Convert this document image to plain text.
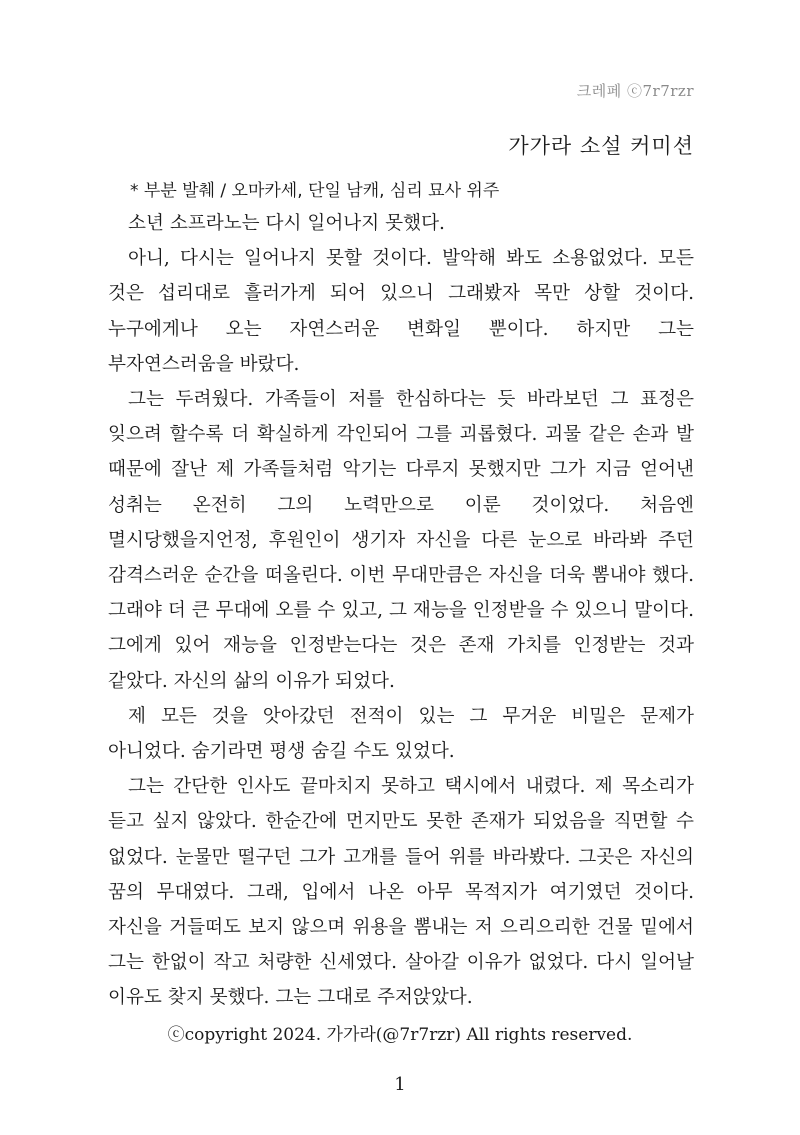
크레페 ⓒ7r7rzr
가가라 소설 커미션
* 부분 발췌 / 오마카세, 단일 남캐, 심리 묘사 위주

소년 소프라노는 다시 일어나지 못했다.

아니, 다시는 일어나지 못할 것이다. 발악해 봐도 소용없었다. 모든 것은 섭리대로 흘러가게 되어 있으니 그래봤자 목만 상할 것이다. 누구에게나 오는 자연스러운 변화일 뿐이다. 하지만 그는 부자연스러움을 바랐다.

그는 두려웠다. 가족들이 저를 한심하다는 듯 바라보던 그 표정은 잊으려 할수록 더 확실하게 각인되어 그를 괴롭혔다. 괴물 같은 손과 발 때문에 잘난 제 가족들처럼 악기는 다루지 못했지만 그가 지금 얻어낸 성취는 온전히 그의 노력만으로 이룬 것이었다. 처음엔 멸시당했을지언정, 후원인이 생기자 자신을 다른 눈으로 바라봐 주던 감격스러운 순간을 떠올린다. 이번 무대만큼은 자신을 더욱 뽐내야 했다. 그래야 더 큰 무대에 오를 수 있고, 그 재능을 인정받을 수 있으니 말이다. 그에게 있어 재능을 인정받는다는 것은 존재 가치를 인정받는 것과 같았다. 자신의 삶의 이유가 되었다.

제 모든 것을 앗아갔던 전적이 있는 그 무거운 비밀은 문제가 아니었다. 숨기라면 평생 숨길 수도 있었다.

그는 간단한 인사도 끝마치지 못하고 택시에서 내렸다. 제 목소리가 듣고 싶지 않았다. 한순간에 먼지만도 못한 존재가 되었음을 직면할 수 없었다. 눈물만 떨구던 그가 고개를 들어 위를 바라봤다. 그곳은 자신의 꿈의 무대였다. 그래, 입에서 나온 아무 목적지가 여기였던 것이다. 자신을 거들떠도 보지 않으며 위용을 뽐내는 저 으리으리한 건물 밑에서 그는 한없이 작고 처량한 신세였다. 살아갈 이유가 없었다. 다시 일어날 이유도 찾지 못했다. 그는 그대로 주저앉았다.

ⓒcopyright 2024. 가가라(@7r7rzr) All rights reserved.
1
